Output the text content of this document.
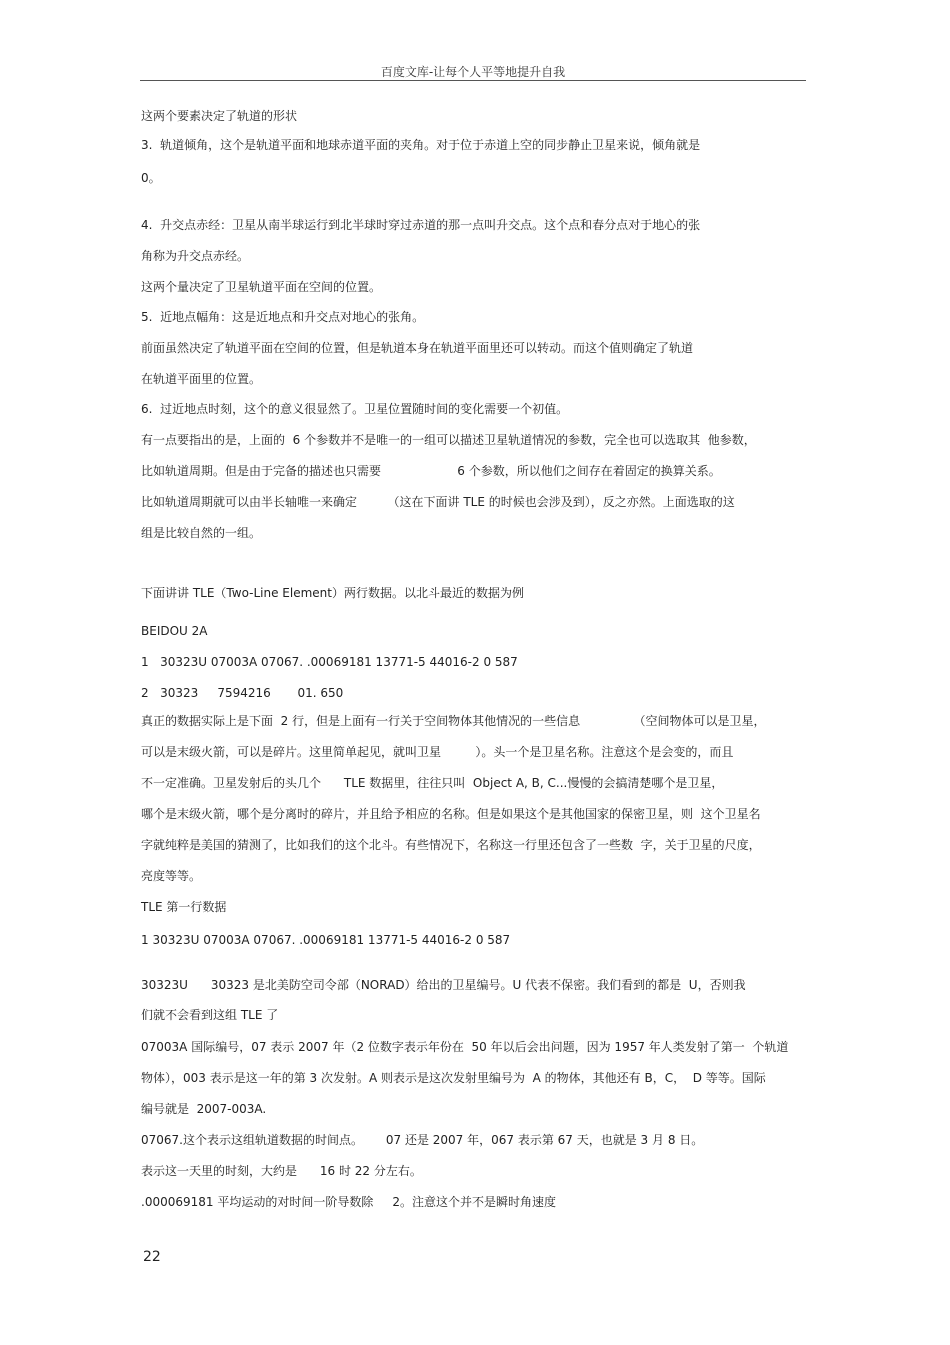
百度文库-让每个人平等地提升自我
这两个要素决定了轨道的形状
3.  轨道倾角，这个是轨道平面和地球赤道平面的夹角。对于位于赤道上空的同步静止卫星来说，倾角就是
0。
4.  升交点赤经：卫星从南半球运行到北半球时穿过赤道的那一点叫升交点。这个点和春分点对于地心的张
角称为升交点赤经。
这两个量决定了卫星轨道平面在空间的位置。
5.  近地点幅角：这是近地点和升交点对地心的张角。
前面虽然决定了轨道平面在空间的位置，但是轨道本身在轨道平面里还可以转动。而这个值则确定了轨道
在轨道平面里的位置。
6.  过近地点时刻，这个的意义很显然了。卫星位置随时间的变化需要一个初值。
有一点要指出的是，上面的  6 个参数并不是唯一的一组可以描述卫星轨道情况的参数，完全也可以选取其  他参数，
比如轨道周期。但是由于完备的描述也只需要                    6 个参数，所以他们之间存在着固定的换算关系。
比如轨道周期就可以由半长轴唯一来确定        （这在下面讲 TLE 的时候也会涉及到），反之亦然。上面选取的这
组是比较自然的一组。
下面讲讲 TLE（Two-Line Element）两行数据。以北斗最近的数据为例
BEIDOU 2A
1   30323U 07003A 07067. .00069181 13771-5 44016-2 0 587
2   30323     7594216       01. 650
真正的数据实际上是下面  2 行，但是上面有一行关于空间物体其他情况的一些信息              （空间物体可以是卫星，
可以是末级火箭，可以是碎片。这里简单起见，就叫卫星         ）。头一个是卫星名称。注意这个是会变的，而且
不一定准确。卫星发射后的头几个      TLE 数据里，往往只叫  Object A, B, C...慢慢的会搞清楚哪个是卫星，
哪个是末级火箭，哪个是分离时的碎片，并且给予相应的名称。但是如果这个是其他国家的保密卫星，则  这个卫星名
字就纯粹是美国的猜测了，比如我们的这个北斗。有些情况下，名称这一行里还包含了一些数  字，关于卫星的尺度，
亮度等等。
TLE 第一行数据
1 30323U 07003A 07067. .00069181 13771-5 44016-2 0 587
30323U      30323 是北美防空司令部（NORAD）给出的卫星编号。U 代表不保密。我们看到的都是  U，否则我
们就不会看到这组 TLE 了
07003A 国际编号，07 表示 2007 年（2 位数字表示年份在  50 年以后会出问题，因为 1957 年人类发射了第一  个轨道
物体），003 表示是这一年的第 3 次发射。A 则表示是这次发射里编号为  A 的物体，其他还有 B，C，  D 等等。国际
编号就是  2007-003A.
07067.这个表示这组轨道数据的时间点。      07 还是 2007 年，067 表示第 67 天，也就是 3 月 8 日。
表示这一天里的时刻，大约是      16 时 22 分左右。
.000069181 平均运动的对时间一阶导数除     2。注意这个并不是瞬时角速度
22
